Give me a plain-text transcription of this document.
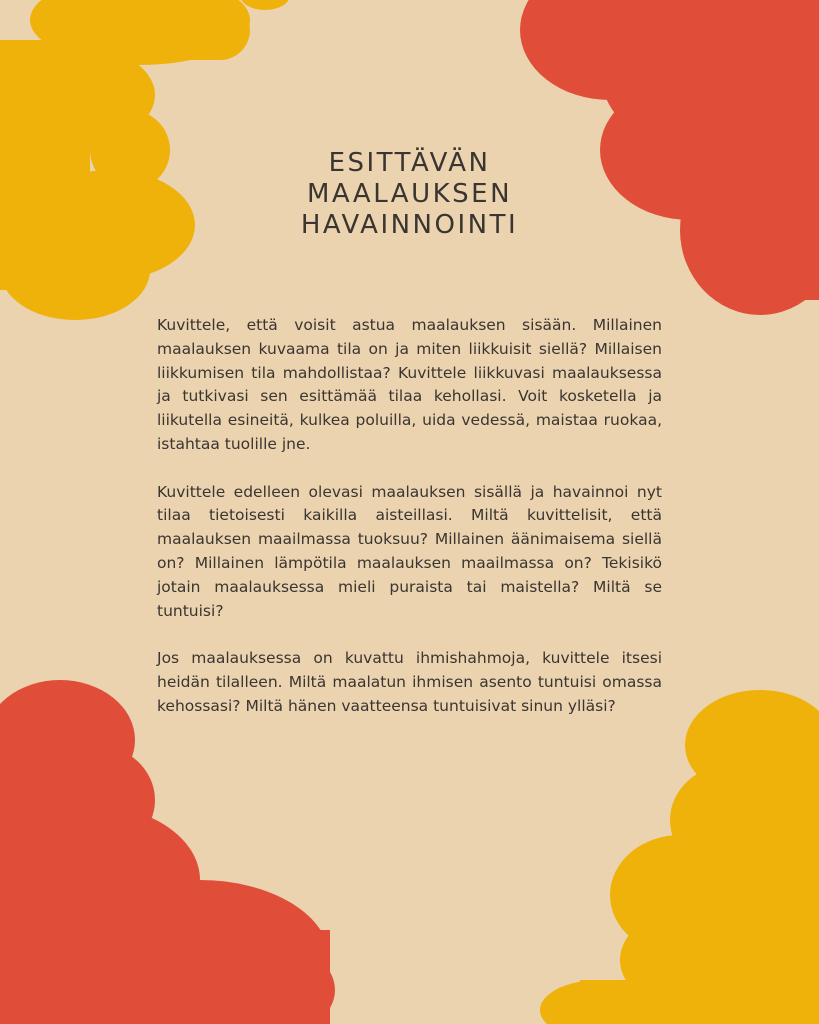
ESITTÄVÄN
MAALAUKSEN
HAVAINNOINTI

Kuvittele, että voisit astua maalauksen sisään. Millainen maalauksen kuvaama tila on ja miten liikkuisit siellä? Millaisen liikkumisen tila mahdollistaa? Kuvittele liikkuvasi maalauksessa ja tutkivasi sen esittämää tilaa kehollasi. Voit kosketella ja liikutella esineitä, kulkea poluilla, uida vedessä, maistaa ruokaa, istahtaa tuolille jne.

Kuvittele edelleen olevasi maalauksen sisällä ja havainnoi nyt tilaa tietoisesti kaikilla aisteillasi. Miltä kuvittelisit, että maalauksen maailmassa tuoksuu? Millainen äänimaisema siellä on? Millainen lämpötila maalauksen maailmassa on? Tekisikö jotain maalauksessa mieli puraista tai maistella? Miltä se tuntuisi?

Jos maalauksessa on kuvattu ihmishahmoja, kuvittele itsesi heidän tilalleen. Miltä maalatun ihmisen asento tuntuisi omassa kehossasi? Miltä hänen vaatteensa tuntuisivat sinun ylläsi?
